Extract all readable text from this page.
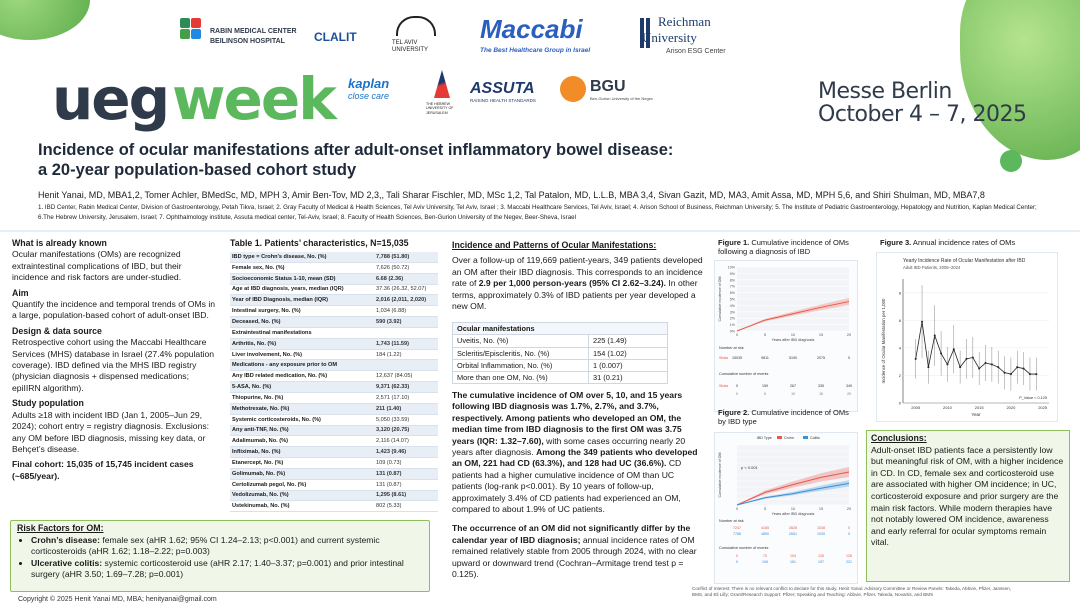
ueg week	Messe Berlin
October 4 – 7, 2025
RABIN MEDICAL CENTER
BEILINSON HOSPITAL CLALIT	TEL AVIV
UNIVERSITY
Maccabi
The Best Healthcare Group in Israel
Reichman
University
Arison ESG Center
kaplan
close care
THE HEBREW UNIVERSITY OF JERUSALEM
ASSUTA
RAISING HEALTH STANDARDS
BGU
Ben-Gurion University of the Negev
Incidence of ocular manifestations after adult-onset inflammatory bowel disease:
a 20-year population-based cohort study
Henit Yanai, MD, MBA1,2, Tomer Achler, BMedSc, MD, MPH 3, Amir Ben-Tov, MD 2,3,, Tali Sharar Fischler, MD, MSc 1,2, Tal Patalon, MD, L.L.B, MBA 3,4, Sivan Gazit, MD, MA3, Amit Assa, MD, MPH 5,6, and Shiri Shulman, MD, MBA7,8
1. IBD Center, Rabin Medical Center, Division of Gastroenterology, Petah Tikva, Israel; 2. Gray Faculty of Medical & Health Sciences, Tel Aviv University, Tel Aviv, Israel ; 3. Maccabi Healthcare Services, Tel Aviv, Israel; 4. Arison School of Business, Reichman University; 5. The Institute of Pediatric Gastroenterology, Hepatology and Nutrition, Kaplan Medical Center; 6.The Hebrew University, Jerusalem, Israel; 7. Ophthalmology institute, Assuta medical center, Tel-Aviv, Israel; 8. Faculty of Health Sciences, Ben-Gurion University of the Negev, Beer-Sheva, Israel

What is already known

Ocular manifestations (OMs) are recognized extraintestinal complications of IBD, but their incidence and risk factors are under-studied.

Aim

Quantify the incidence and temporal trends of OMs in a large, population-based cohort of adult-onset IBD.

Design & data source

Retrospective cohort using the Maccabi Healthcare Services (MHS) database in Israel (27.4% population coverage). IBD defined via the MHS IBD registry (physician diagnosis + dispensed medications; epiIIRN algorithm).

Study population

Adults ≥18 with incident IBD (Jan 1, 2005–Jun 29, 2024); cohort entry = registry diagnosis. Exclusions: any OM before IBD diagnosis, missing key data, or Behçet’s disease.

Final cohort: 15,035 of 15,745 incident cases (~685/year).

Table 1. Patients’ characteristics, N=15,035
IBD type = Crohn’s disease, No. (%)	7,788 (51.80)
Female sex, No. (%)	7,626 (50.72)
Socioeconomic Status 1-10, mean (SD)	6.68 (2.36)
Age at IBD diagnosis, years, median (IQR)	37.36 (26.32, 52.07)
Year of IBD Diagnosis, median (IQR)	2,016 (2,011, 2,020)
Intestinal surgery, No. (%)	1,034 (6.88)
Deceased, No. (%)	590 (3.92)
Extraintestinal manifestations	
Arthritis, No. (%)	1,743 (11.59)
Liver involvement, No. (%)	184 (1.22)
Medications - any exposure prior to OM	
Any IBD related medication, No. (%)	12,637 (84.05)
5-ASA, No. (%)	9,371 (62.33)
Thiopurine, No. (%)	2,571 (17.10)
Methotrexate, No. (%)	211 (1.40)
Systemic corticosteroids, No. (%)	5,050 (33.59)
Any anti-TNF, No. (%)	3,120 (20.75)
Adalimumab, No. (%)	2,116 (14.07)
Infliximab, No. (%)	1,423 (9.46)
Etanercept, No. (%)	109 (0.73)
Golimumab, No. (%)	131 (0.87)
Certolizumab pegol, No. (%)	131 (0.87)
Vedolizumab, No. (%)	1,295 (8.61)
Ustekinumab, No. (%)	802 (5.33)
Risk Factors for OM:
• Crohn’s disease: female sex (aHR 1.62; 95% CI 1.24–2.13; p<0.001) and current systemic corticosteroids (aHR 1.62; 1.18–2.22; p=0.003)
• Ulcerative colitis: systemic corticosteroid use (aHR 2.17; 1.40–3.37; p=0.001) and prior intestinal surgery (aHR 3.50; 1.69–7.28; p=0.001)
Copyright © 2025 Henit Yanai MD, MBA; henityanai@gmail.com

Incidence and Patterns of Ocular Manifestations:

Over a follow-up of 119,669 patient-years, 349 patients developed an OM after their IBD diagnosis. This corresponds to an incidence rate of 2.9 per 1,000 person-years (95% CI 2.62–3.24). In other terms, approximately 0.3% of IBD patients per year developed a new OM.

Ocular manifestations	
Uveitis, No. (%)	225 (1.49)
Scleritis/Episcleritis, No. (%)	154 (1.02)
Orbital Inflammation, No. (%)	1 (0.007)
More than one OM, No. (%)	31 (0.21)

The cumulative incidence of OM over 5, 10, and 15 years following IBD diagnosis was 1.7%, 2.7%, and 3.7%, respectively. Among patients who developed an OM, the median time from IBD diagnosis to the first OM was 3.75 years (IQR: 1.32–7.60), with some cases occurring nearly 20 years after diagnosis. Among the 349 patients who developed an OM, 221 had CD (63.3%), and 128 had UC (36.6%). CD patients had a higher cumulative incidence of OM than UC patients (log-rank p<0.001). By 10 years of follow-up, approximately 3.4% of CD patients had experienced an OM, compared to about 1.9% of UC patients.

The occurrence of an OM did not significantly differ by the calendar year of IBD diagnosis; annual incidence rates of OM remained relatively stable from 2005 through 2024, with no clear upward or downward trend (Cochran–Armitage trend test p = 0.125).

Figure 1. Cumulative incidence of OMs following a diagnosis of IBD
0%
1%
2%
3%
4%
5%
6%
7%
8%
9%
10%
0	5	10	15	20
Years after IBD diagnosis
Cumulative incidence of OM
Number at risk
Strata 15035	9811	5190	2075	0
Cumulative number of events
Strata 0	159	267	335	349
0	5	10	15	20
Figure 2. Cumulative incidence of OMs by IBD type
IBD Type	Crohn	Colitis
p < 0.001
0	5	10	15	20
Years after IBD diagnosis
Cumulative incidence of OM
Number at risk
7247	4165	2628	1038	0
7788	4890	2651	1039	0
Cumulative number of events
0	70	104	126	128
0	106	161	197	221
Figure 3. Annual incidence rates of OMs
Yearly Incidence Rate of Ocular Manifestation after IBD
Adult IBD Patients, 2005–2024
0
2
4
6
8
2005	2010	2015	2020	2025
Year
Incidence of Ocular Manifestation per 1,000
P_Value = 0.125
Conclusions:
Adult-onset IBD patients face a persistently low but meaningful risk of OM, with a higher incidence in CD. In CD, female sex and corticosteroid use are associated with higher OM incidence; in UC, corticosteroid exposure and prior surgery are the main risk factors. While modern therapies have not notably lowered OM incidence, awareness and early referral for ocular symptoms remain vital.
Conflict of Interest: There is no relevant conflict to declare for this study. Henit Yanai: Advisory Committee or Review Panels: Takeda, Abbvie, Pfizer, Janssen, BMS, and Eli Lilly; Grant/Research Support: Pfizer; Speaking and Teaching: Abbvie, Pfizer, Takeda, Novartis, and BMS
